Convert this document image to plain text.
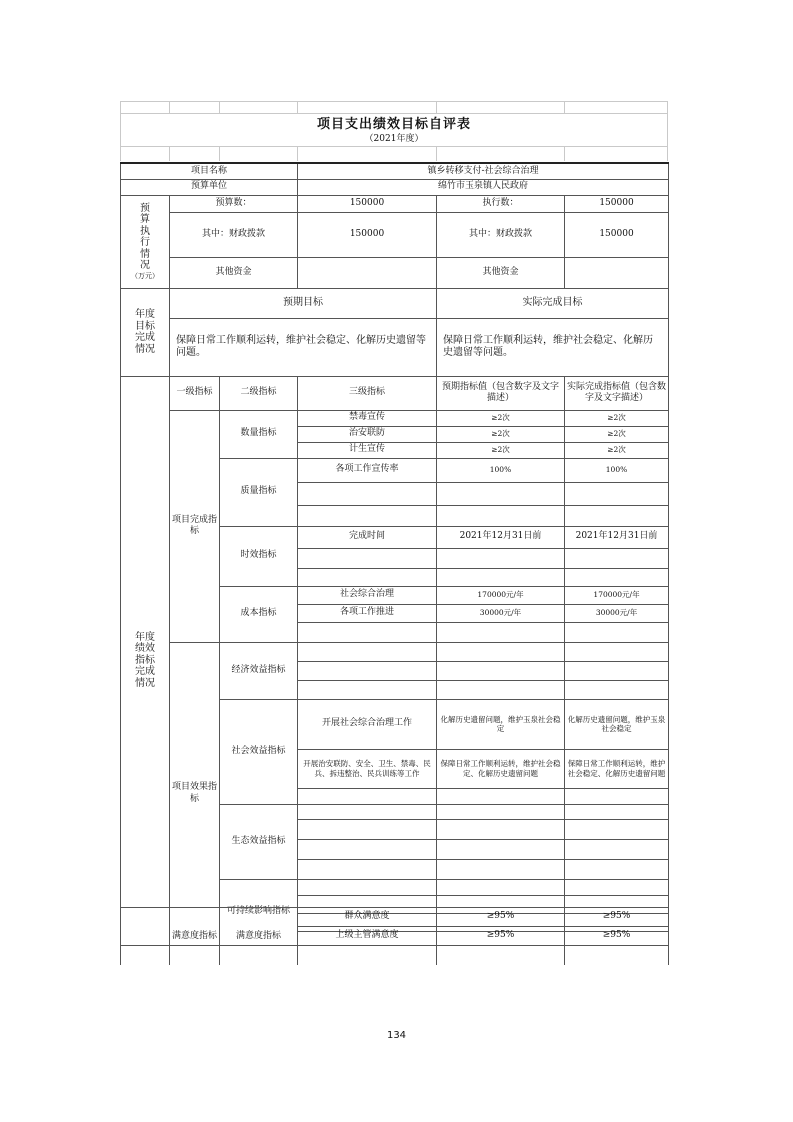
项目支出绩效目标自评表
（2021年度）
项目名称			镇乡转移支付-社会综合治理		
预算单位			绵竹市玉泉镇人民政府		

预算执行情况
（万元）	预算数：		150000	执行数：	150000
	其中：财政拨款		150000	其中：财政拨款	150000
	其他资金			其他资金	

年度目标完成情况	预期目标			实际完成目标	
	保障日常工作顺利运转，维护社会稳定、化解历史遗留等问题。			保障日常工作顺利运转，维护社会稳定、化解历史遗留等问题。	

年度绩效指标完成情况	一级指标	二级指标	三级指标	预期指标值（包含数字及文字描述）	实际完成指标值（包含数字及文字描述）
	项目完成指标	数量指标	禁毒宣传	≥2次	≥2次
			治安联防	≥2次	≥2次
			计生宣传	≥2次	≥2次
		质量指标	各项工作宣传率	100%	100%

		时效指标	完成时间	2021年12月31日前	2021年12月31日前

		成本指标	社会综合治理	170000元/年	170000元/年
			各项工作推进	30000元/年	30000元/年

	项目效果指标	经济效益指标			

		社会效益指标	开展社会综合治理工作	化解历史遗留问题，维护玉泉社会稳定	化解历史遗留问题，维护玉泉社会稳定
			开展治安联防、安全、卫生、禁毒、民兵、拆违整治、民兵训练等工作	保障日常工作顺利运转，维护社会稳定、化解历史遗留问题	保障日常工作顺利运转，维护社会稳定、化解历史遗留问题

		生态效益指标			

		可持续影响指标			

	满意度指标	满意度指标	群众满意度	≥95%	≥95%
			上级主管满意度	≥95%	≥95%

134
